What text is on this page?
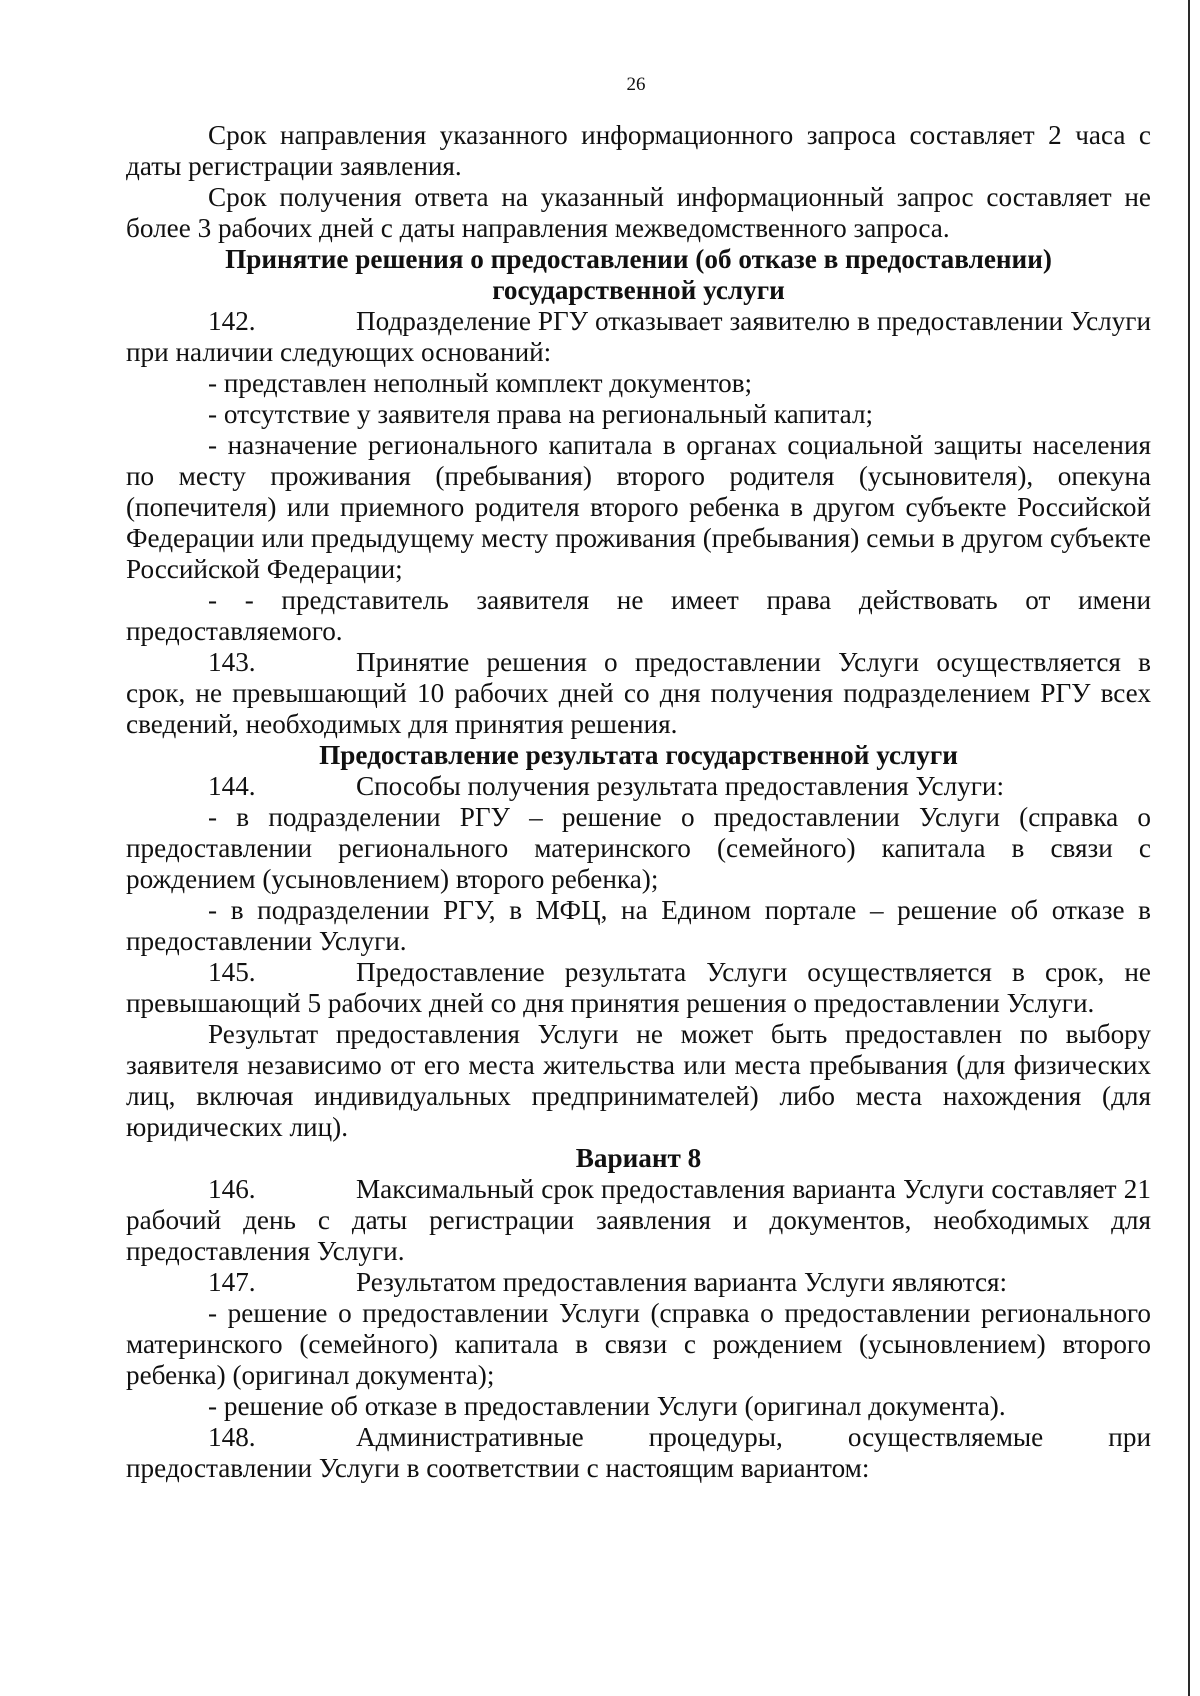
26

Срок направления указанного информационного запроса составляет 2 часа с даты регистрации заявления.

Срок получения ответа на указанный информационный запрос составляет не более 3 рабочих дней с даты направления межведомственного запроса.

Принятие решения о предоставлении (об отказе в предоставлении)

государственной услуги

142.	Подразделение РГУ отказывает заявителю в предоставлении Услуги при наличии следующих оснований:

- представлен неполный комплект документов;

- отсутствие у заявителя права на региональный капитал;

- назначение регионального капитала в органах социальной защиты населения по месту проживания (пребывания) второго родителя (усыновителя), опекуна (попечителя) или приемного родителя второго ребенка в другом субъекте Российской Федерации или предыдущему месту проживания (пребывания) семьи в другом субъекте Российской Федерации;

- - представитель заявителя не имеет права действовать от имени предоставляемого.

143.	Принятие решения о предоставлении Услуги осуществляется в срок, не превышающий 10 рабочих дней со дня получения подразделением РГУ всех сведений, необходимых для принятия решения.

Предоставление результата государственной услуги

144.	Способы получения результата предоставления Услуги:

- в подразделении РГУ – решение о предоставлении Услуги (справка о предоставлении регионального материнского (семейного) капитала в связи с рождением (усыновлением) второго ребенка);

- в подразделении РГУ, в МФЦ, на Едином портале – решение об отказе в предоставлении Услуги.

145.	Предоставление результата Услуги осуществляется в срок, не превышающий 5 рабочих дней со дня принятия решения о предоставлении Услуги.

Результат предоставления Услуги не может быть предоставлен по выбору заявителя независимо от его места жительства или места пребывания (для физических лиц, включая индивидуальных предпринимателей) либо места нахождения (для юридических лиц).

Вариант 8

146.	Максимальный срок предоставления варианта Услуги составляет 21 рабочий день с даты регистрации заявления и документов, необходимых для предоставления Услуги.

147.	Результатом предоставления варианта Услуги являются:

- решение о предоставлении Услуги (справка о предоставлении регионального материнского (семейного) капитала в связи с рождением (усыновлением) второго ребенка) (оригинал документа);

- решение об отказе в предоставлении Услуги (оригинал документа).

148.	Административные процедуры, осуществляемые при предоставлении Услуги в соответствии с настоящим вариантом:
